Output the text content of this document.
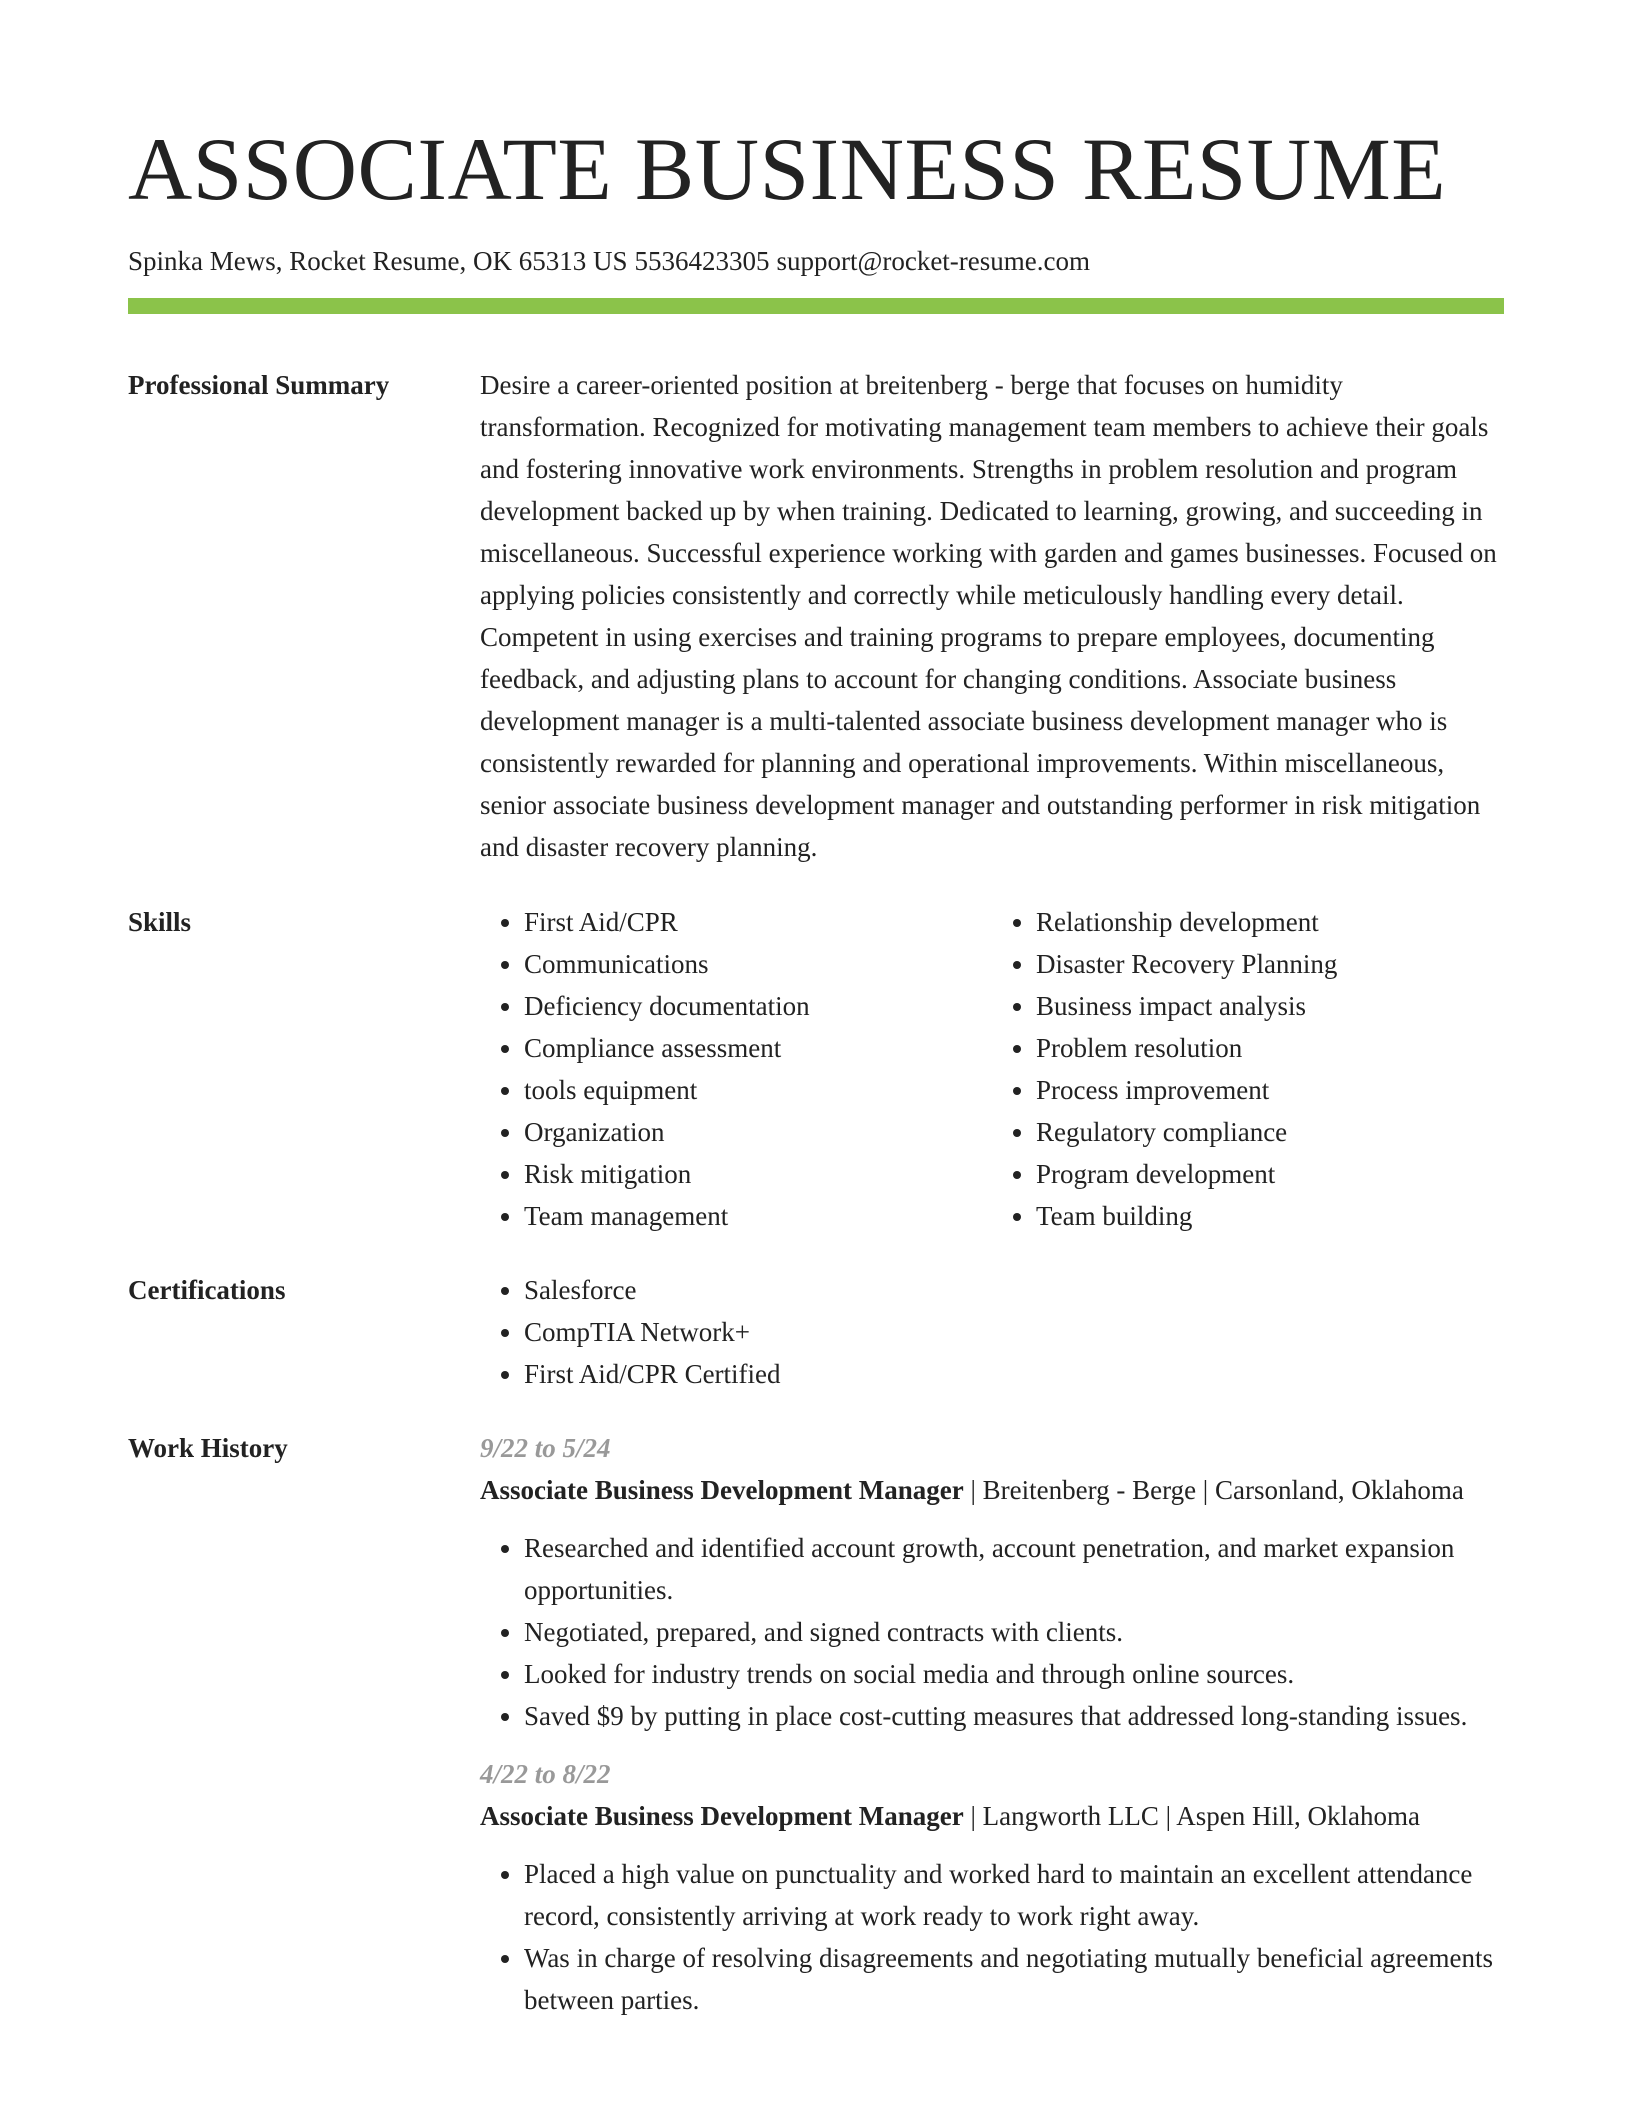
ASSOCIATE BUSINESS RESUME
Spinka Mews, Rocket Resume, OK 65313 US 5536423305 support@rocket-resume.com
Professional Summary	Desire a career-oriented position at breitenberg - berge that focuses on humidity transformation. Recognized for motivating management team members to achieve their goals and fostering innovative work environments. Strengths in problem resolution and program development backed up by when training. Dedicated to learning, growing, and succeeding in miscellaneous. Successful experience working with garden and games businesses. Focused on applying policies consistently and correctly while meticulously handling every detail. Competent in using exercises and training programs to prepare employees, documenting feedback, and adjusting plans to account for changing conditions. Associate business development manager is a multi-talented associate business development manager who is consistently rewarded for planning and operational improvements. Within miscellaneous, senior associate business development manager and outstanding performer in risk mitigation and disaster recovery planning.

Skills	• First Aid/CPR
• Communications
• Deficiency documentation
• Compliance assessment
• tools equipment
• Organization
• Risk mitigation
• Team management
• Relationship development
• Disaster Recovery Planning
• Business impact analysis
• Problem resolution
• Process improvement
• Regulatory compliance
• Program development
• Team building
Certifications	• Salesforce
• CompTIA Network+
• First Aid/CPR Certified
Work History	9/22 to 5/24
Associate Business Development Manager | Breitenberg - Berge | Carsonland, Oklahoma
• Researched and identified account growth, account penetration, and market expansion opportunities.
• Negotiated, prepared, and signed contracts with clients.
• Looked for industry trends on social media and through online sources.
• Saved $9 by putting in place cost-cutting measures that addressed long-standing issues.
4/22 to 8/22
Associate Business Development Manager | Langworth LLC | Aspen Hill, Oklahoma
• Placed a high value on punctuality and worked hard to maintain an excellent attendance record, consistently arriving at work ready to work right away.
• Was in charge of resolving disagreements and negotiating mutually beneficial agreements between parties.
